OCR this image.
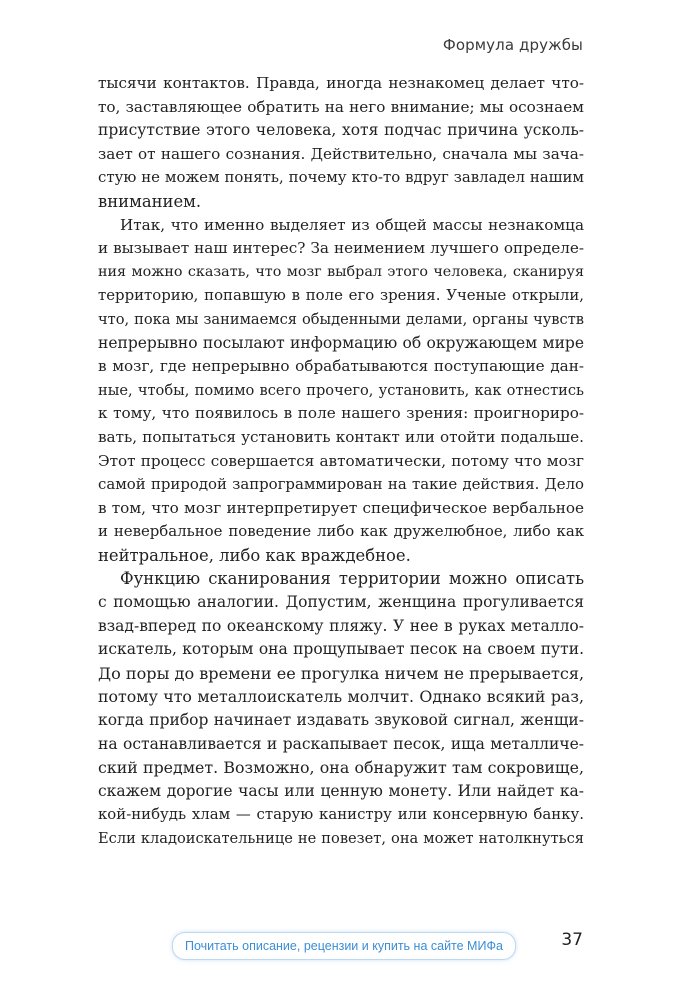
Формула дружбы
тысячи контактов. Правда, иногда незнакомец делает что-
то, заставляющее обратить на него внимание; мы осознаем
присутствие этого человека, хотя подчас причина усколь-
зает от нашего сознания. Действительно, сначала мы зача-
стую не можем понять, почему кто-то вдруг завладел нашим
вниманием.
Итак, что именно выделяет из общей массы незнакомца
и вызывает наш интерес? За неимением лучшего определе-
ния можно сказать, что мозг выбрал этого человека, сканируя
территорию, попавшую в поле его зрения. Ученые открыли,
что, пока мы занимаемся обыденными делами, органы чувств
непрерывно посылают информацию об окружающем мире
в мозг, где непрерывно обрабатываются поступающие дан-
ные, чтобы, помимо всего прочего, установить, как отнестись
к тому, что появилось в поле нашего зрения: проигнориро-
вать, попытаться установить контакт или отойти подальше.
Этот процесс совершается автоматически, потому что мозг
самой природой запрограммирован на такие действия. Дело
в том, что мозг интерпретирует специфическое вербальное
и невербальное поведение либо как дружелюбное, либо как
нейтральное, либо как враждебное.
Функцию сканирования территории можно описать
с помощью аналогии. Допустим, женщина прогуливается
взад-вперед по океанскому пляжу. У нее в руках металло-
искатель, которым она прощупывает песок на своем пути.
До поры до времени ее прогулка ничем не прерывается,
потому что металлоискатель молчит. Однако всякий раз,
когда прибор начинает издавать звуковой сигнал, женщи-
на останавливается и раскапывает песок, ища металличе-
ский предмет. Возможно, она обнаружит там сокровище,
скажем дорогие часы или ценную монету. Или найдет ка-
кой-нибудь хлам — старую канистру или консервную банку.
Если кладоискательнице не повезет, она может натолкнуться
Почитать описание, рецензии и купить на сайте МИФа	37
